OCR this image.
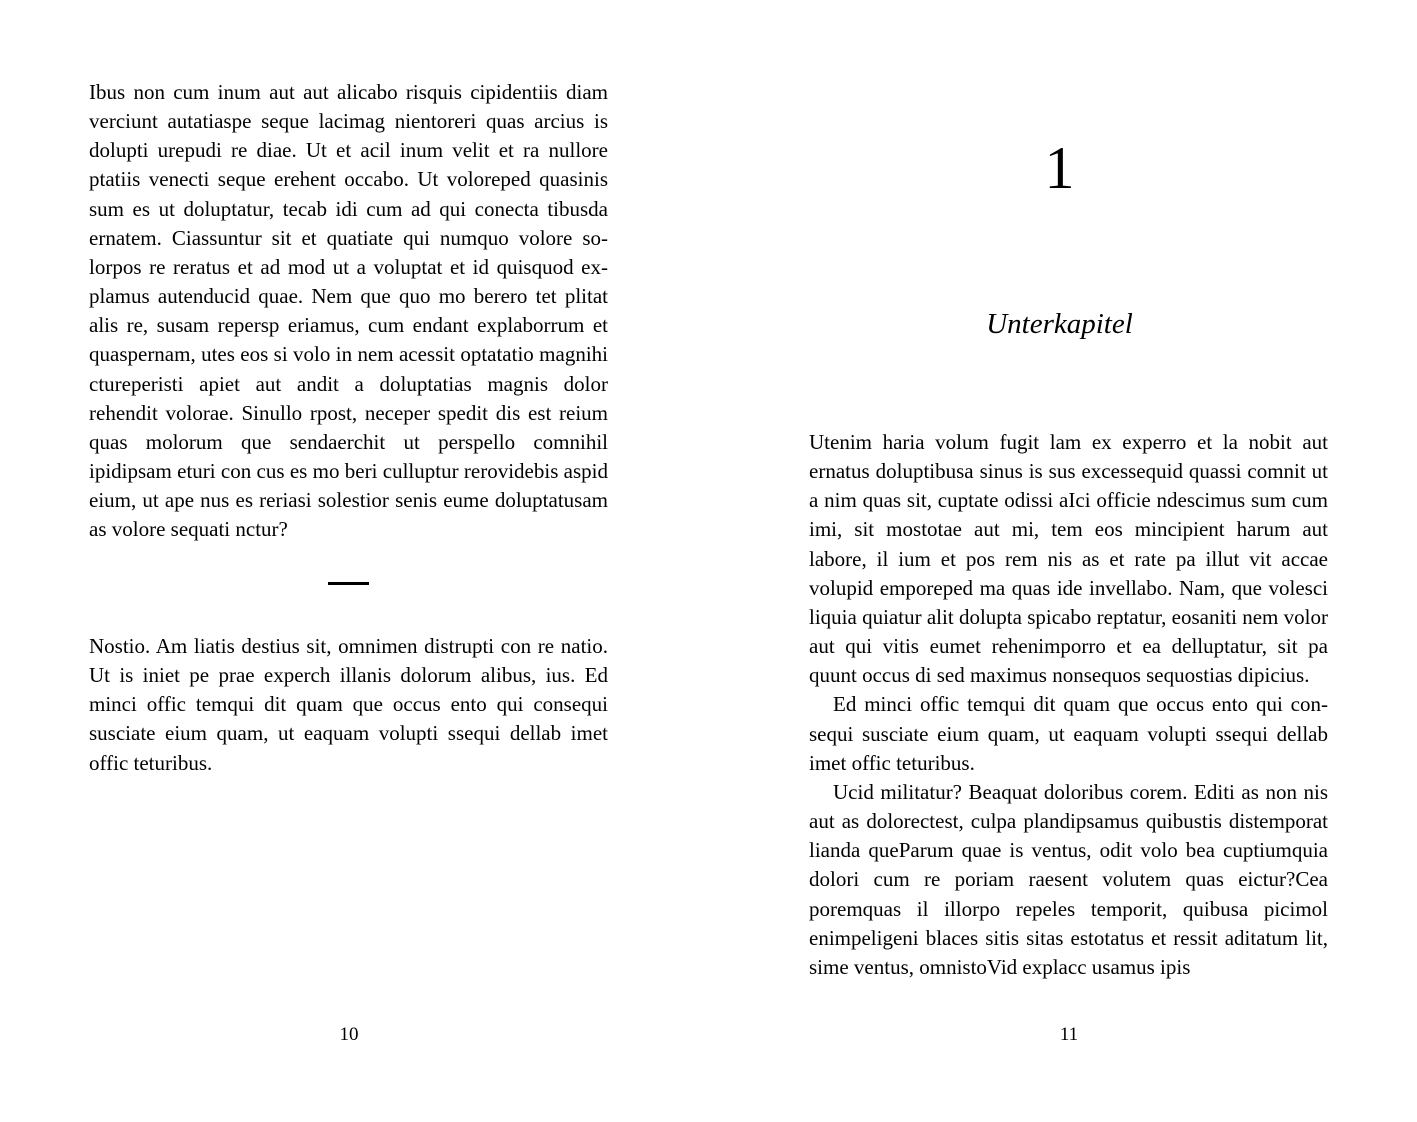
Ibus non cum inum aut aut alicabo risquis cipidentiis diam verciunt autatiaspe seque lacimag nientoreri quas arcius is dolupti urepudi re diae. Ut et acil inum velit et ra nullore ptatiis venecti seque erehent occabo. Ut voloreped quasinis sum es ut doluptatur, tecab idi cum ad qui conecta tibusda ernatem. Ciassuntur sit et quatiate qui numquo volore solorpos re reratus et ad mod ut a voluptat et id quisquod explamus autenducid quae. Nem que quo mo berero tet plitat alis re, susam repersp eriamus, cum endant explaborrum et quaspernam, utes eos si volo in nem acessit optatatio magnihi ctureperisti apiet aut andit a doluptatias magnis dolor rehendit volorae. Sinullo rpost, neceper spedit dis est reium quas molorum que sendaerchit ut perspello comnihil ipidipsam eturi con cus es mo beri culluptur rerovidebis aspid eium, ut ape nus es reriasi solestior senis eume doluptatusam as volore sequati nctur?

Nostio. Am liatis destius sit, omnimen distrupti con re natio. Ut is iniet pe prae experch illanis dolorum alibus, ius. Ed minci offic temqui dit quam que occus ento qui consequi susciate eium quam, ut eaquam volupti ssequi dellab imet offic teturibus.

10
1
Unterkapitel

Utenim haria volum fugit lam ex experro et la nobit aut ernatus doluptibusa sinus is sus excessequid quassi comnit ut a nim quas sit, cuptate odissi aIci officie ndescimus sum cum imi, sit mostotae aut mi, tem eos mincipient harum aut labore, il ium et pos rem nis as et rate pa illut vit accae volupid emporeped ma quas ide invellabo. Nam, que volesci liquia quiatur alit dolupta spicabo reptatur, eosaniti nem volor aut qui vitis eumet rehenimporro et ea delluptatur, sit pa quunt occus di sed maximus nonsequos sequostias dipicius.

Ed minci offic temqui dit quam que occus ento qui consequi susciate eium quam, ut eaquam volupti ssequi dellab imet offic teturibus.

Ucid militatur? Beaquat doloribus corem. Editi as non nis aut as dolorectest, culpa plandipsamus quibustis distemporat lianda queParum quae is ventus, odit volo bea cuptiumquia dolori cum re poriam raesent volutem quas eictur?Cea poremquas il illorpo repeles temporit, quibusa picimol enimpeligeni blaces sitis sitas estotatus et ressit aditatum lit, sime ventus, omnistoVid explacc usamus ipis

11
